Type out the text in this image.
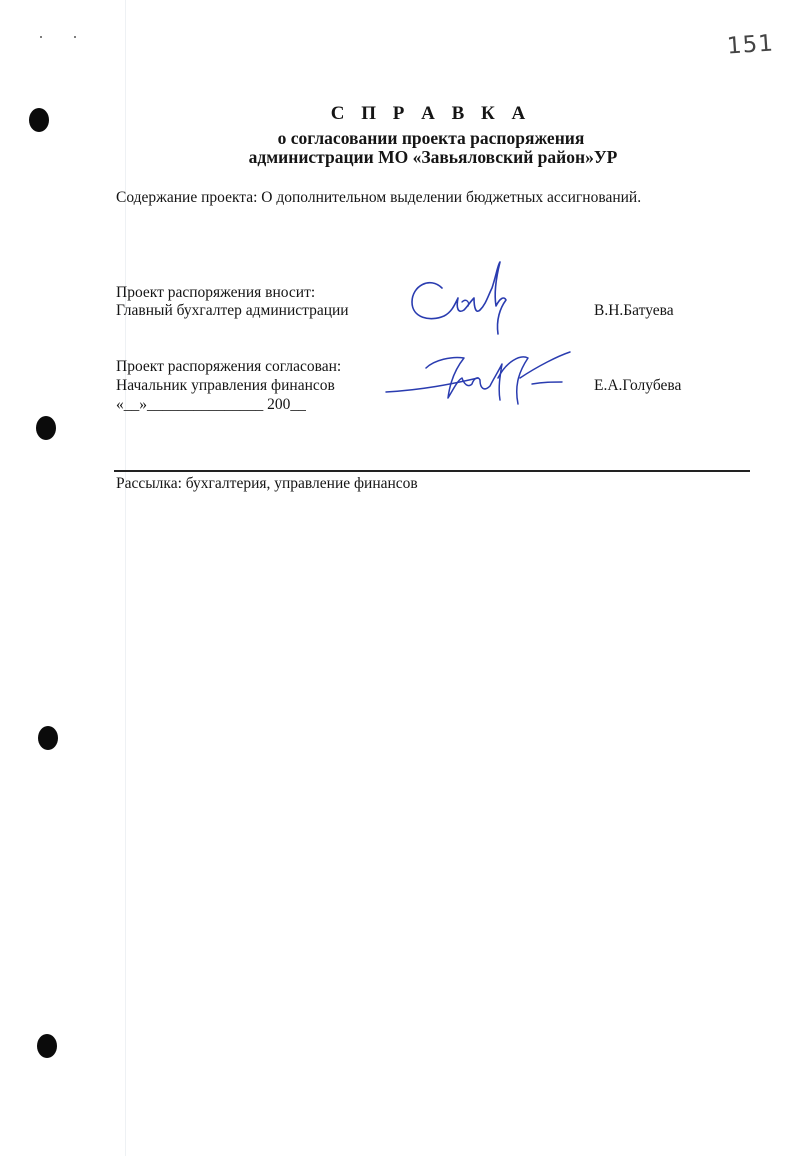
151
С П Р А В К А
о согласовании проекта распоряжения
администрации МО «Завьяловский район»УР
Содержание проекта: О дополнительном выделении бюджетных ассигнований.
Проект распоряжения вносит:
Главный бухгалтер администрации	В.Н.Батуева
Проект распоряжения согласован:
Начальник управления финансов
«__»_______________ 200__
Е.А.Голубева
Рассылка: бухгалтерия, управление финансов
